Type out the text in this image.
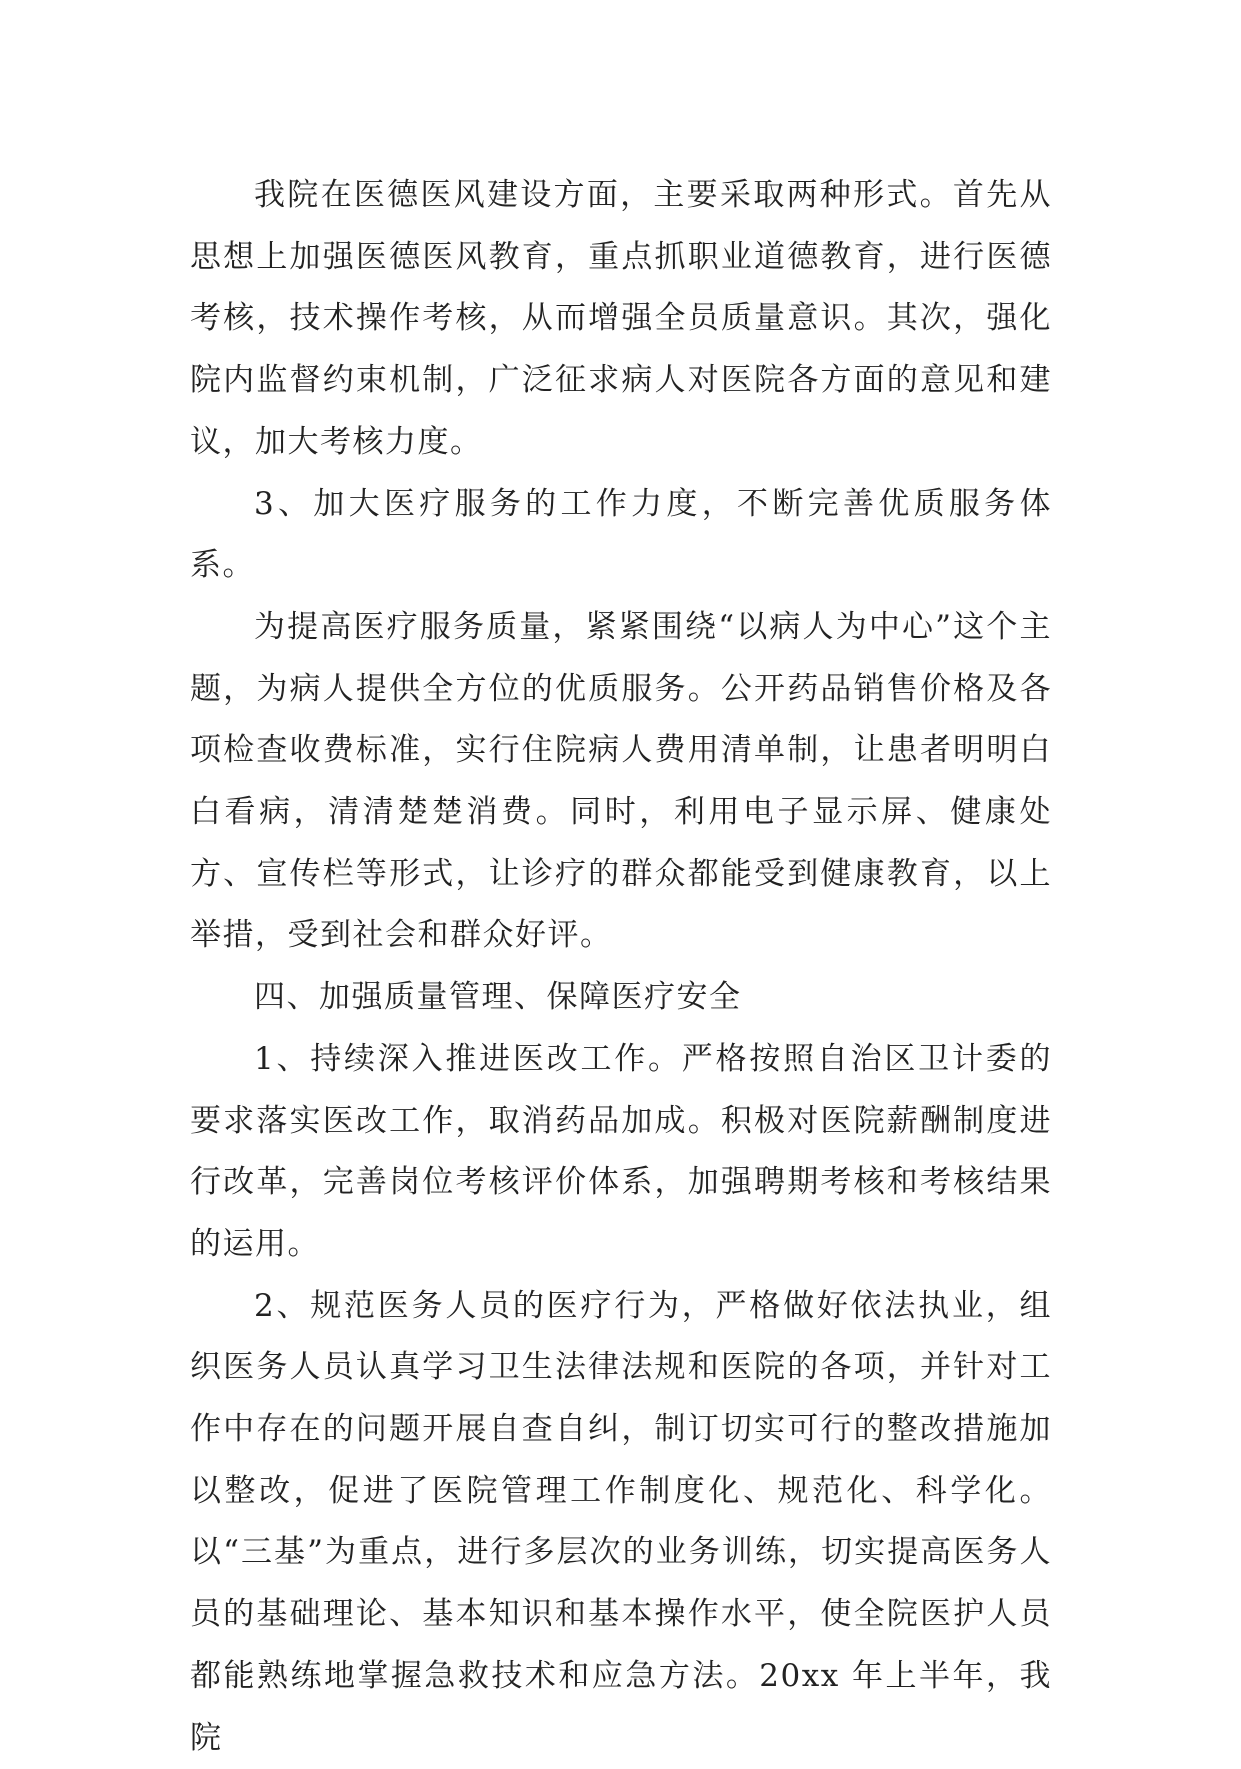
我院在医德医风建设方面，主要采取两种形式。首先从思想上加强医德医风教育，重点抓职业道德教育，进行医德考核，技术操作考核，从而增强全员质量意识。其次，强化院内监督约束机制，广泛征求病人对医院各方面的意见和建议，加大考核力度。

3、加大医疗服务的工作力度，不断完善优质服务体系。

为提高医疗服务质量，紧紧围绕“以病人为中心”这个主题，为病人提供全方位的优质服务。公开药品销售价格及各项检查收费标准，实行住院病人费用清单制，让患者明明白白看病，清清楚楚消费。同时，利用电子显示屏、健康处方、宣传栏等形式，让诊疗的群众都能受到健康教育，以上举措，受到社会和群众好评。

四、加强质量管理、保障医疗安全

1、持续深入推进医改工作。严格按照自治区卫计委的要求落实医改工作，取消药品加成。积极对医院薪酬制度进行改革，完善岗位考核评价体系，加强聘期考核和考核结果的运用。

2、规范医务人员的医疗行为，严格做好依法执业，组织医务人员认真学习卫生法律法规和医院的各项，并针对工作中存在的问题开展自查自纠，制订切实可行的整改措施加以整改，促进了医院管理工作制度化、规范化、科学化。以“三基”为重点，进行多层次的业务训练，切实提高医务人员的基础理论、基本知识和基本操作水平，使全院医护人员都能熟练地掌握急救技术和应急方法。20xx 年上半年，我院
